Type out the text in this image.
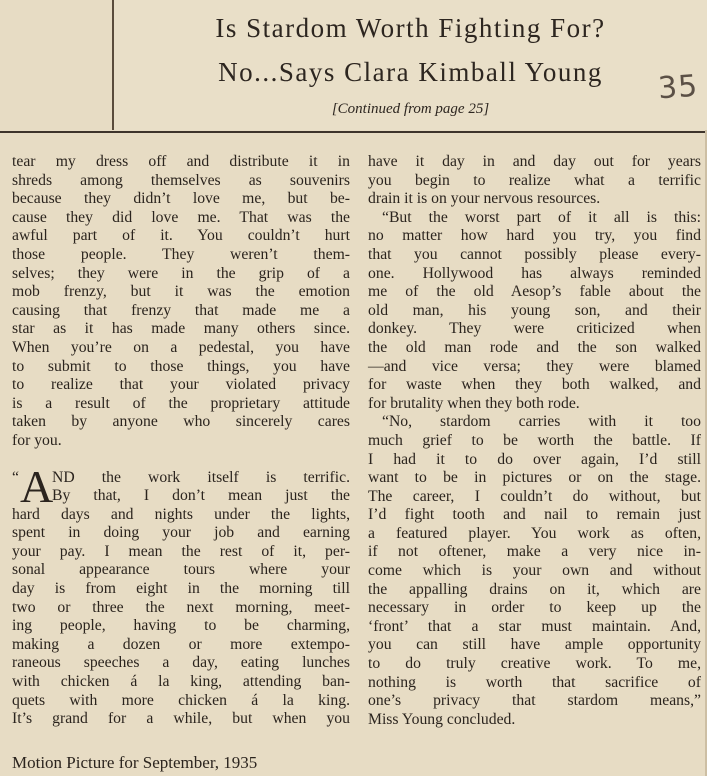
Is Stardom Worth Fighting For?
No...Says Clara Kimball Young
[Continued from page 25]
35
tear my dress off and distribute it in
shreds among themselves as souvenirs
because they didn’t love me, but be-
cause they did love me. That was the
awful part of it. You couldn’t hurt
those people. They weren’t them-
selves; they were in the grip of a
mob frenzy, but it was the emotion
causing that frenzy that made me a
star as it has made many others since.
When you’re on a pedestal, you have
to submit to those things, you have
to realize that your violated privacy
is a result of the proprietary attitude
taken by anyone who sincerely cares
for you.
“ A
ND the work itself is terrific.
By that, I don’t mean just the
hard days and nights under the lights,
spent in doing your job and earning
your pay. I mean the rest of it, per-
sonal appearance tours where your
day is from eight in the morning till
two or three the next morning, meet-
ing people, having to be charming,
making a dozen or more extempo-
raneous speeches a day, eating lunches
with chicken á la king, attending ban-
quets with more chicken á la king.
It’s grand for a while, but when you
have it day in and day out for years
you begin to realize what a terrific
drain it is on your nervous resources.
“But the worst part of it all is this:
no matter how hard you try, you find
that you cannot possibly please every-
one. Hollywood has always reminded
me of the old Aesop’s fable about the
old man, his young son, and their
donkey. They were criticized when
the old man rode and the son walked
—and vice versa; they were blamed
for waste when they both walked, and
for brutality when they both rode.
“No, stardom carries with it too
much grief to be worth the battle. If
I had it to do over again, I’d still
want to be in pictures or on the stage.
The career, I couldn’t do without, but
I’d fight tooth and nail to remain just
a featured player. You work as often,
if not oftener, make a very nice in-
come which is your own and without
the appalling drains on it, which are
necessary in order to keep up the
‘front’ that a star must maintain. And,
you can still have ample opportunity
to do truly creative work. To me,
nothing is worth that sacrifice of
one’s privacy that stardom means,”
Miss Young concluded.
Motion Picture for September, 1935
